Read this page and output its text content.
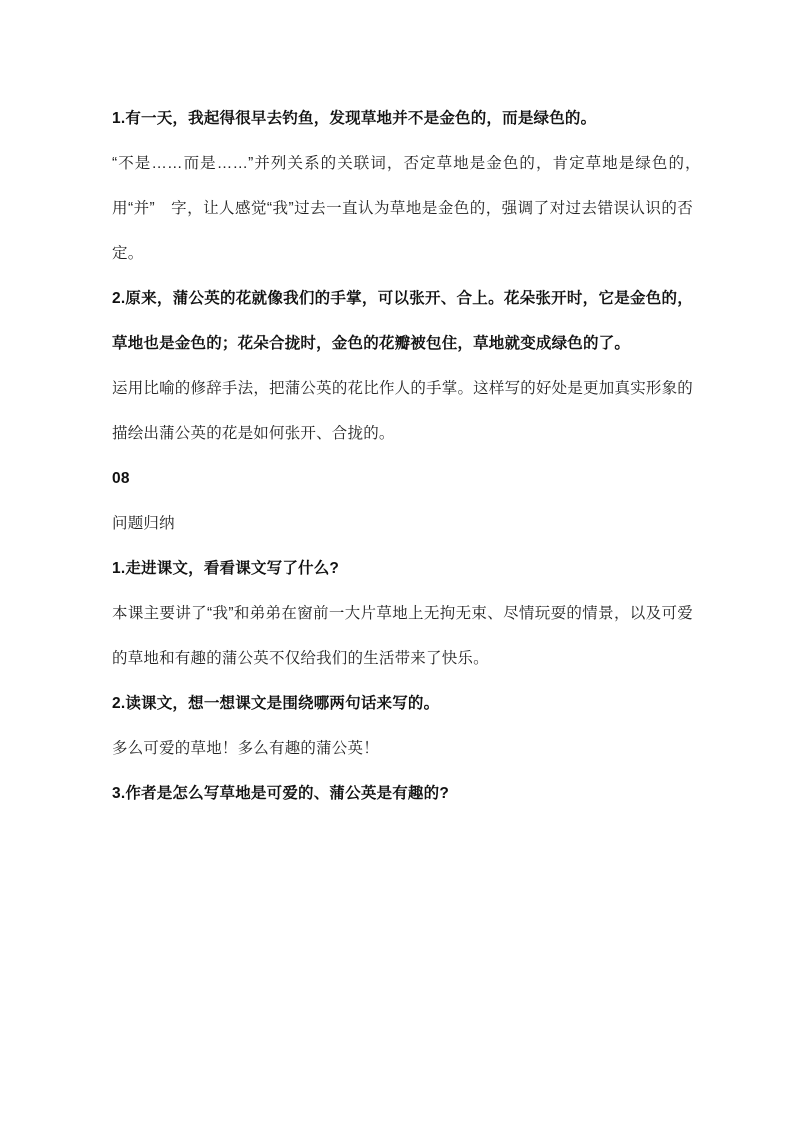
1.有一天，我起得很早去钓鱼，发现草地并不是金色的，而是绿色的。

“不是……而是……”并列关系的关联词，否定草地是金色的，肯定草地是绿色的，　用“并”　字，让人感觉“我”过去一直认为草地是金色的，强调了对过去错误认识的否定。

2.原来，蒲公英的花就像我们的手掌，可以张开、合上。花朵张开时，它是金色的，草地也是金色的；花朵合拢时，金色的花瓣被包住，草地就变成绿色的了。

运用比喻的修辞手法，把蒲公英的花比作人的手掌。这样写的好处是更加真实形象的描绘出蒲公英的花是如何张开、合拢的。

08

问题归纳

1.走进课文，看看课文写了什么?

本课主要讲了“我”和弟弟在窗前一大片草地上无拘无束、尽情玩耍的情景，以及可爱的草地和有趣的蒲公英不仅给我们的生活带来了快乐。

2.读课文，想一想课文是围绕哪两句话来写的。

多么可爱的草地！多么有趣的蒲公英！

3.作者是怎么写草地是可爱的、蒲公英是有趣的?
